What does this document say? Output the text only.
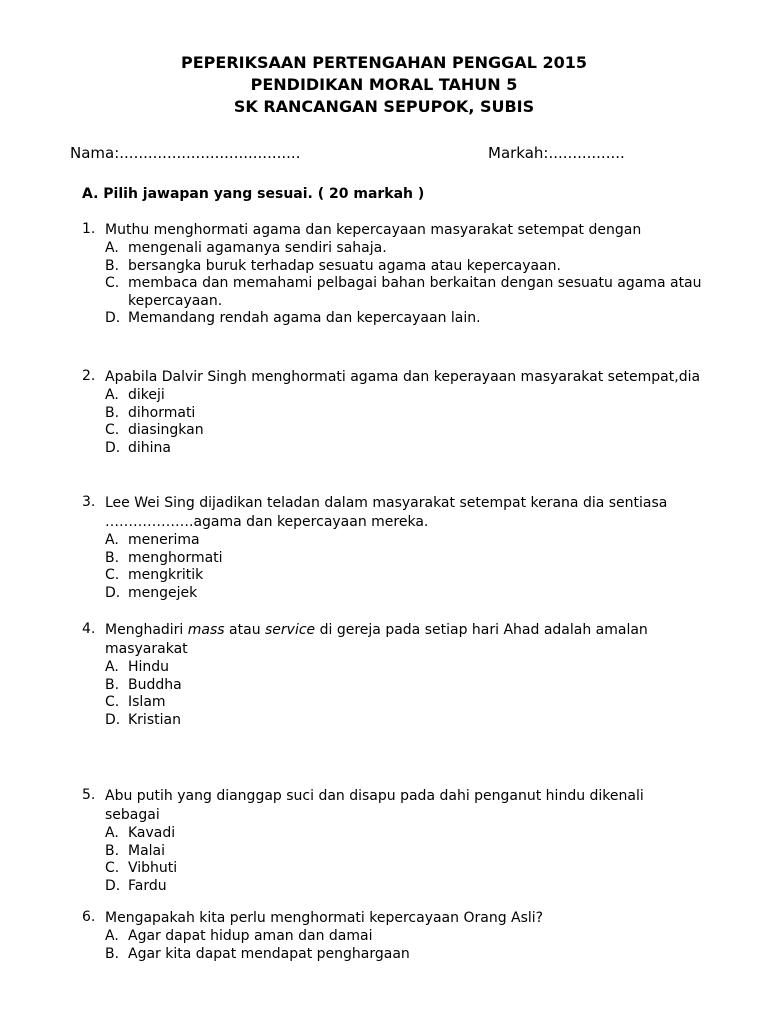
PEPERIKSAAN PERTENGAHAN PENGGAL 2015
PENDIDIKAN MORAL TAHUN 5
SK RANCANGAN SEPUPOK, SUBIS
Nama:......................................	Markah:................
A. Pilih jawapan yang sesuai. ( 20 markah )
1. Muthu menghormati agama dan kepercayaan masyarakat setempat dengan
A. mengenali agamanya sendiri sahaja.
B. bersangka buruk terhadap sesuatu agama atau kepercayaan.
C. membaca dan memahami pelbagai bahan berkaitan dengan sesuatu agama atau kepercayaan.
D. Memandang rendah agama dan kepercayaan lain.
2. Apabila Dalvir Singh menghormati agama dan keperayaan masyarakat setempat,dia
A. dikeji
B. dihormati
C. diasingkan
D. dihina
3. Lee Wei Sing dijadikan teladan dalam masyarakat setempat kerana dia sentiasa ……………….agama dan kepercayaan mereka.
A. menerima
B. menghormati
C. mengkritik
D. mengejek
4. Menghadiri mass atau service di gereja pada setiap hari Ahad adalah amalan masyarakat
A. Hindu
B. Buddha
C. Islam
D. Kristian
5. Abu putih yang dianggap suci dan disapu pada dahi penganut hindu dikenali sebagai
A. Kavadi
B. Malai
C. Vibhuti
D. Fardu
6. Mengapakah kita perlu menghormati kepercayaan Orang Asli?
A. Agar dapat hidup aman dan damai
B. Agar kita dapat mendapat penghargaan
